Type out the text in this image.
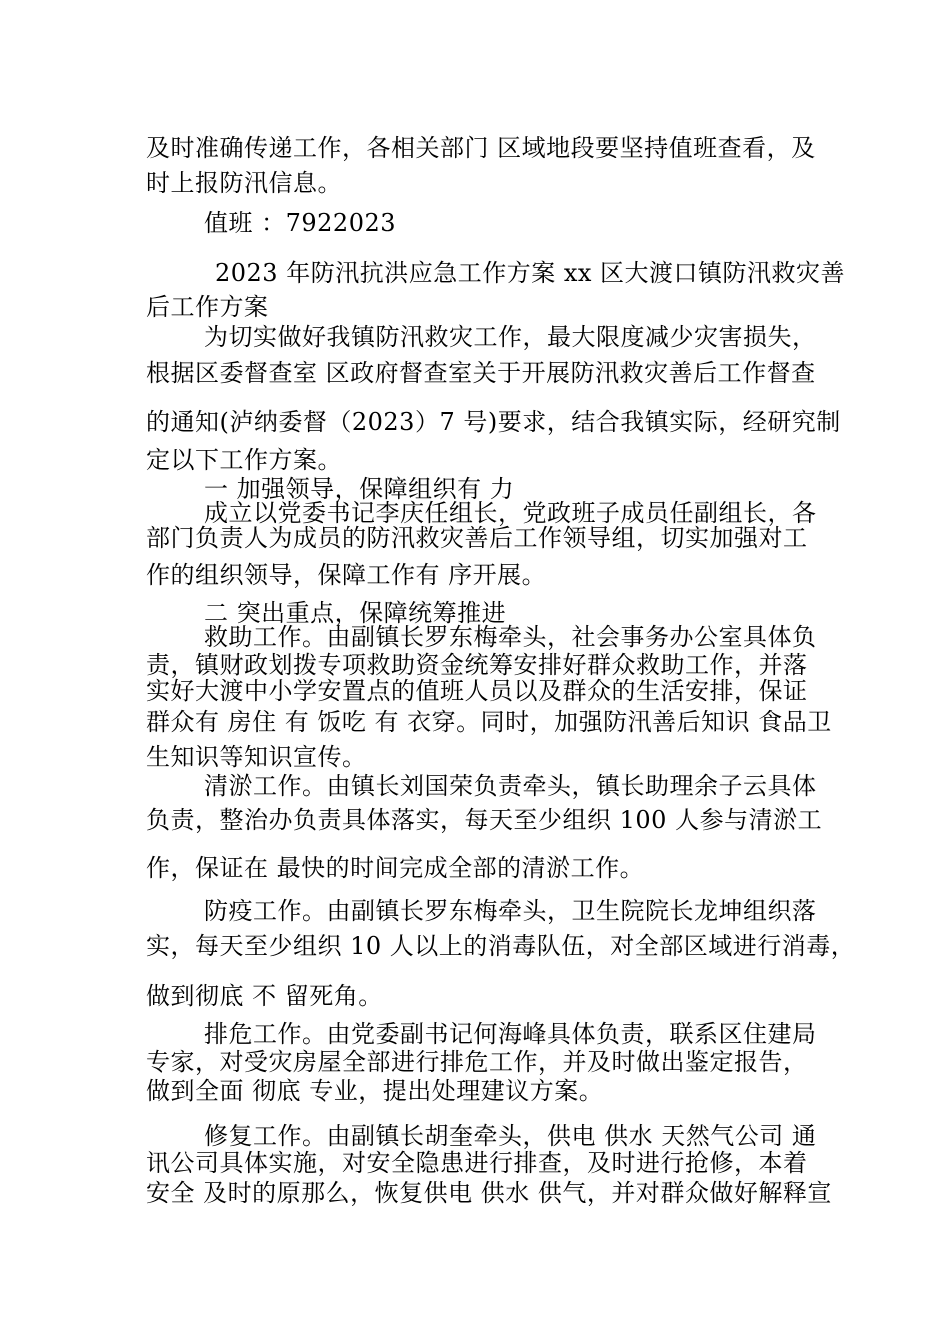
及时准确传递工作，各相关部门 区域地段要坚持值班查看，及
时上报防汛信息。
值班 ：7922023
2023 年防汛抗洪应急工作方案 xx 区大渡口镇防汛救灾善
后工作方案
为切实做好我镇防汛救灾工作，最大限度减少灾害损失，
根据区委督查室 区政府督查室关于开展防汛救灾善后工作督查
的通知(泸纳委督（2023）7 号)要求，结合我镇实际，经研究制
定以下工作方案。
一 加强领导，保障组织有 力
成立以党委书记李庆任组长，党政班子成员任副组长，各
部门负责人为成员的防汛救灾善后工作领导组，切实加强对工
作的组织领导，保障工作有 序开展。
二 突出重点，保障统筹推进
救助工作。由副镇长罗东梅牵头，社会事务办公室具体负
责，镇财政划拨专项救助资金统筹安排好群众救助工作，并落
实好大渡中小学安置点的值班人员以及群众的生活安排，保证
群众有 房住 有 饭吃 有 衣穿。同时，加强防汛善后知识 食品卫
生知识等知识宣传。
清淤工作。由镇长刘国荣负责牵头，镇长助理余子云具体
负责，整治办负责具体落实，每天至少组织 100 人参与清淤工
作，保证在 最快的时间完成全部的清淤工作。
防疫工作。由副镇长罗东梅牵头，卫生院院长龙坤组织落
实，每天至少组织 10 人以上的消毒队伍，对全部区域进行消毒，
做到彻底 不 留死角。
排危工作。由党委副书记何海峰具体负责，联系区住建局
专家，对受灾房屋全部进行排危工作，并及时做出鉴定报告，
做到全面 彻底 专业，提出处理建议方案。
修复工作。由副镇长胡奎牵头，供电 供水 天然气公司 通
讯公司具体实施，对安全隐患进行排查，及时进行抢修，本着
安全 及时的原那么，恢复供电 供水 供气，并对群众做好解释宣
